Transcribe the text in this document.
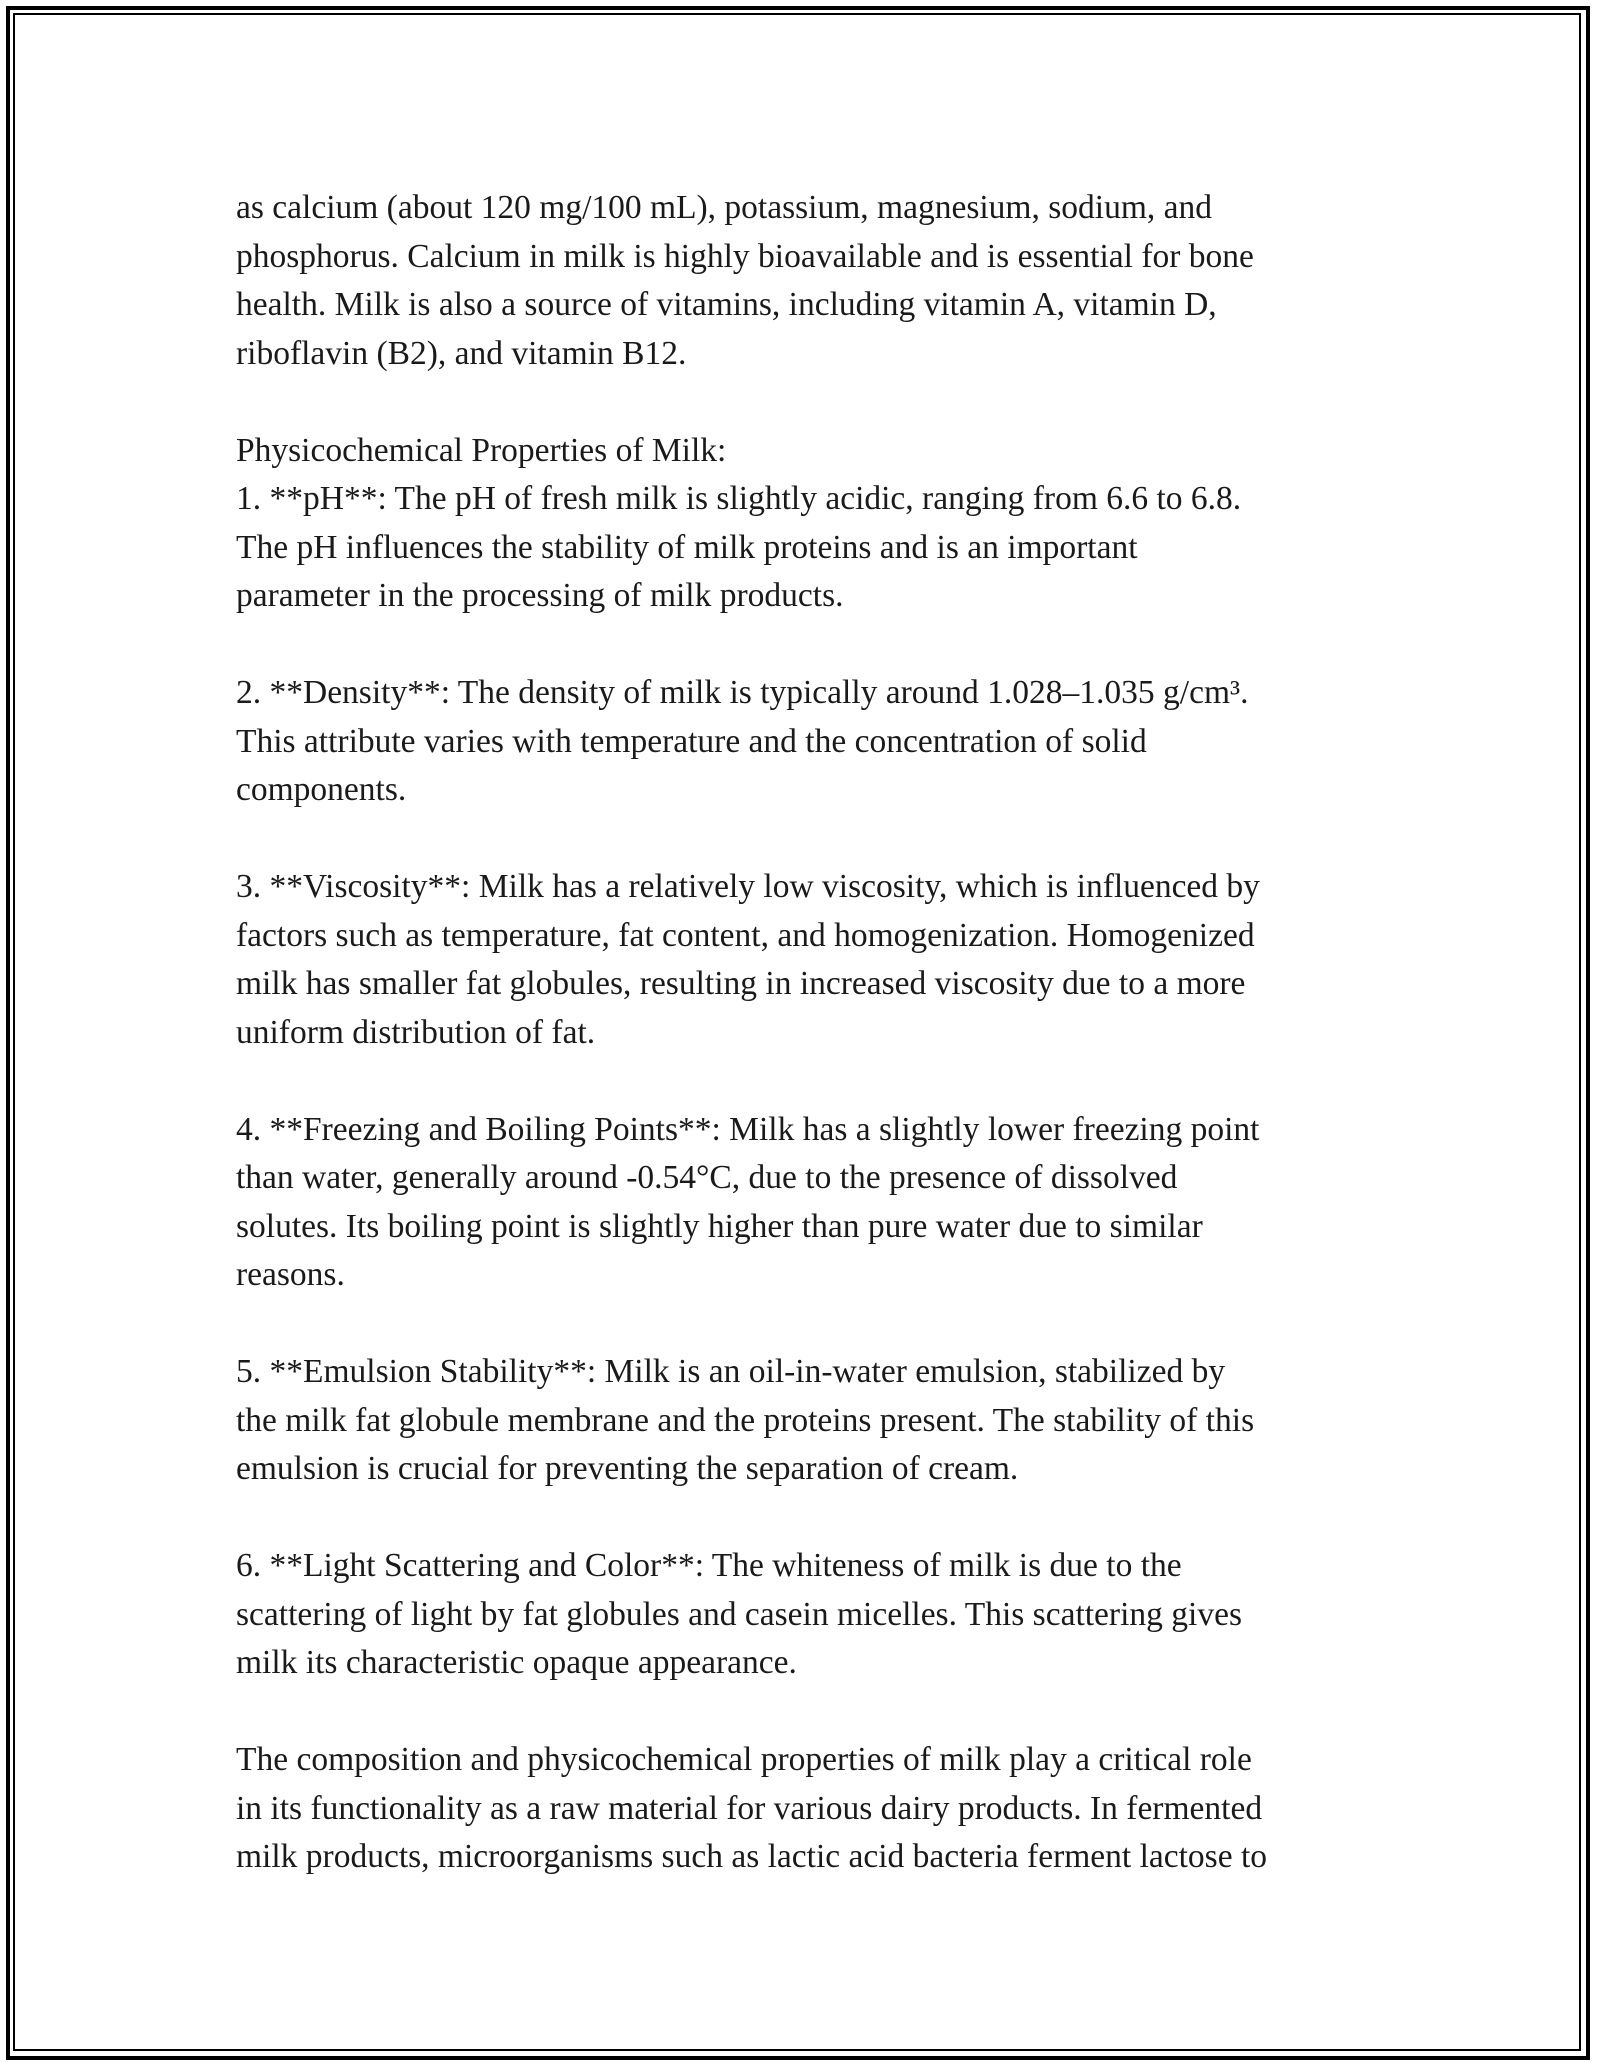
as calcium (about 120 mg/100 mL), potassium, magnesium, sodium, and
phosphorus. Calcium in milk is highly bioavailable and is essential for bone
health. Milk is also a source of vitamins, including vitamin A, vitamin D,
riboflavin (B2), and vitamin B12.

Physicochemical Properties of Milk:
1. **pH**: The pH of fresh milk is slightly acidic, ranging from 6.6 to 6.8.
The pH influences the stability of milk proteins and is an important
parameter in the processing of milk products.

2. **Density**: The density of milk is typically around 1.028–1.035 g/cm³.
This attribute varies with temperature and the concentration of solid
components.

3. **Viscosity**: Milk has a relatively low viscosity, which is influenced by
factors such as temperature, fat content, and homogenization. Homogenized
milk has smaller fat globules, resulting in increased viscosity due to a more
uniform distribution of fat.

4. **Freezing and Boiling Points**: Milk has a slightly lower freezing point
than water, generally around -0.54°C, due to the presence of dissolved
solutes. Its boiling point is slightly higher than pure water due to similar
reasons.

5. **Emulsion Stability**: Milk is an oil-in-water emulsion, stabilized by
the milk fat globule membrane and the proteins present. The stability of this
emulsion is crucial for preventing the separation of cream.

6. **Light Scattering and Color**: The whiteness of milk is due to the
scattering of light by fat globules and casein micelles. This scattering gives
milk its characteristic opaque appearance.

The composition and physicochemical properties of milk play a critical role
in its functionality as a raw material for various dairy products. In fermented
milk products, microorganisms such as lactic acid bacteria ferment lactose to
